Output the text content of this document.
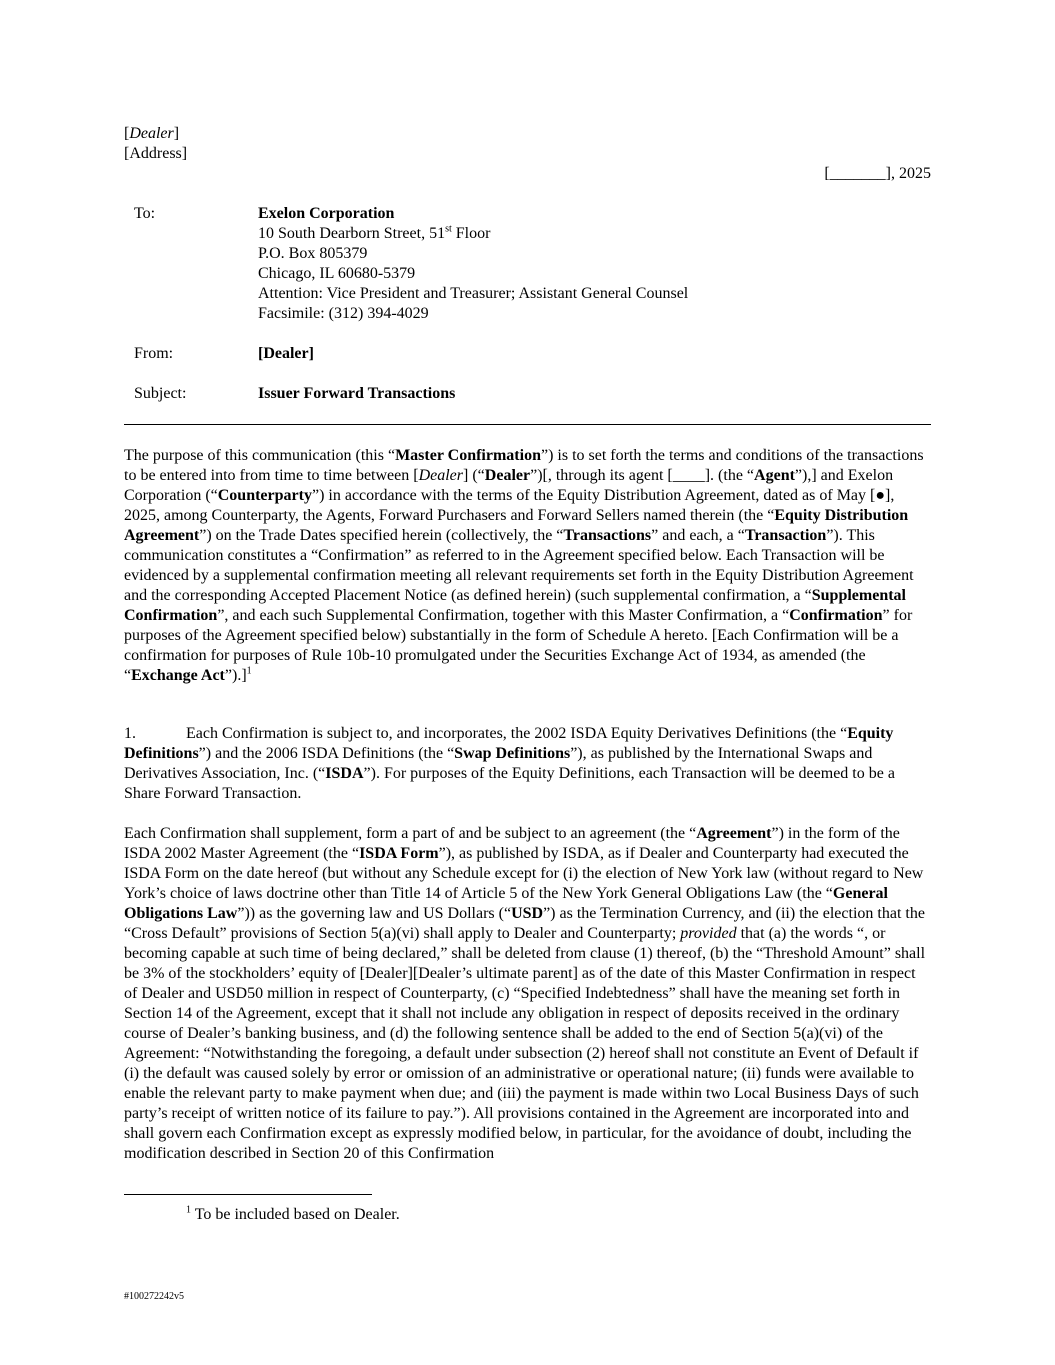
[Dealer]
[Address]
[_______], 2025
To:	Exelon Corporation
10 South Dearborn Street, 51st Floor
P.O. Box 805379
Chicago, IL 60680-5379
Attention: Vice President and Treasurer; Assistant General Counsel
Facsimile: (312) 394-4029
From:	[Dealer]
Subject:	Issuer Forward Transactions

The purpose of this communication (this “Master Confirmation”) is to set forth the terms and conditions of the transactions to be entered into from time to time between [Dealer] (“Dealer”)[, through its agent [____]. (the “Agent”),] and Exelon Corporation (“Counterparty”) in accordance with the terms of the Equity Distribution Agreement, dated as of May [●], 2025, among Counterparty, the Agents, Forward Purchasers and Forward Sellers named therein (the “Equity Distribution Agreement”) on the Trade Dates specified herein (collectively, the “Transactions” and each, a “Transaction”). This communication constitutes a “Confirmation” as referred to in the Agreement specified below. Each Transaction will be evidenced by a supplemental confirmation meeting all relevant requirements set forth in the Equity Distribution Agreement and the corresponding Accepted Placement Notice (as defined herein) (such supplemental confirmation, a “Supplemental Confirmation”, and each such Supplemental Confirmation, together with this Master Confirmation, a “Confirmation” for purposes of the Agreement specified below) substantially in the form of Schedule A hereto. [Each Confirmation will be a confirmation for purposes of Rule 10b-10 promulgated under the Securities Exchange Act of 1934, as amended (the “Exchange Act”).]$^1$

1.	Each Confirmation is subject to, and incorporates, the 2002 ISDA Equity Derivatives Definitions (the “Equity Definitions”) and the 2006 ISDA Definitions (the “Swap Definitions”), as published by the International Swaps and Derivatives Association, Inc. (“ISDA”). For purposes of the Equity Definitions, each Transaction will be deemed to be a Share Forward Transaction.

Each Confirmation shall supplement, form a part of and be subject to an agreement (the “Agreement”) in the form of the ISDA 2002 Master Agreement (the “ISDA Form”), as published by ISDA, as if Dealer and Counterparty had executed the ISDA Form on the date hereof (but without any Schedule except for (i) the election of New York law (without regard to New York’s choice of laws doctrine other than Title 14 of Article 5 of the New York General Obligations Law (the “General Obligations Law”)) as the governing law and US Dollars (“USD”) as the Termination Currency, and (ii) the election that the “Cross Default” provisions of Section 5(a)(vi) shall apply to Dealer and Counterparty; provided that (a) the words “, or becoming capable at such time of being declared,” shall be deleted from clause (1) thereof, (b) the “Threshold Amount” shall be 3% of the stockholders’ equity of [Dealer][Dealer’s ultimate parent] as of the date of this Master Confirmation in respect of Dealer and USD50 million in respect of Counterparty, (c) “Specified Indebtedness” shall have the meaning set forth in Section 14 of the Agreement, except that it shall not include any obligation in respect of deposits received in the ordinary course of Dealer’s banking business, and (d) the following sentence shall be added to the end of Section 5(a)(vi) of the Agreement: “Notwithstanding the foregoing, a default under subsection (2) hereof shall not constitute an Event of Default if (i) the default was caused solely by error or omission of an administrative or operational nature; (ii) funds were available to enable the relevant party to make payment when due; and (iii) the payment is made within two Local Business Days of such party’s receipt of written notice of its failure to pay.”). All provisions contained in the Agreement are incorporated into and shall govern each Confirmation except as expressly modified below, in particular, for the avoidance of doubt, including the modification described in Section 20 of this Confirmation

$^1$ To be included based on Dealer.
#100272242v5
